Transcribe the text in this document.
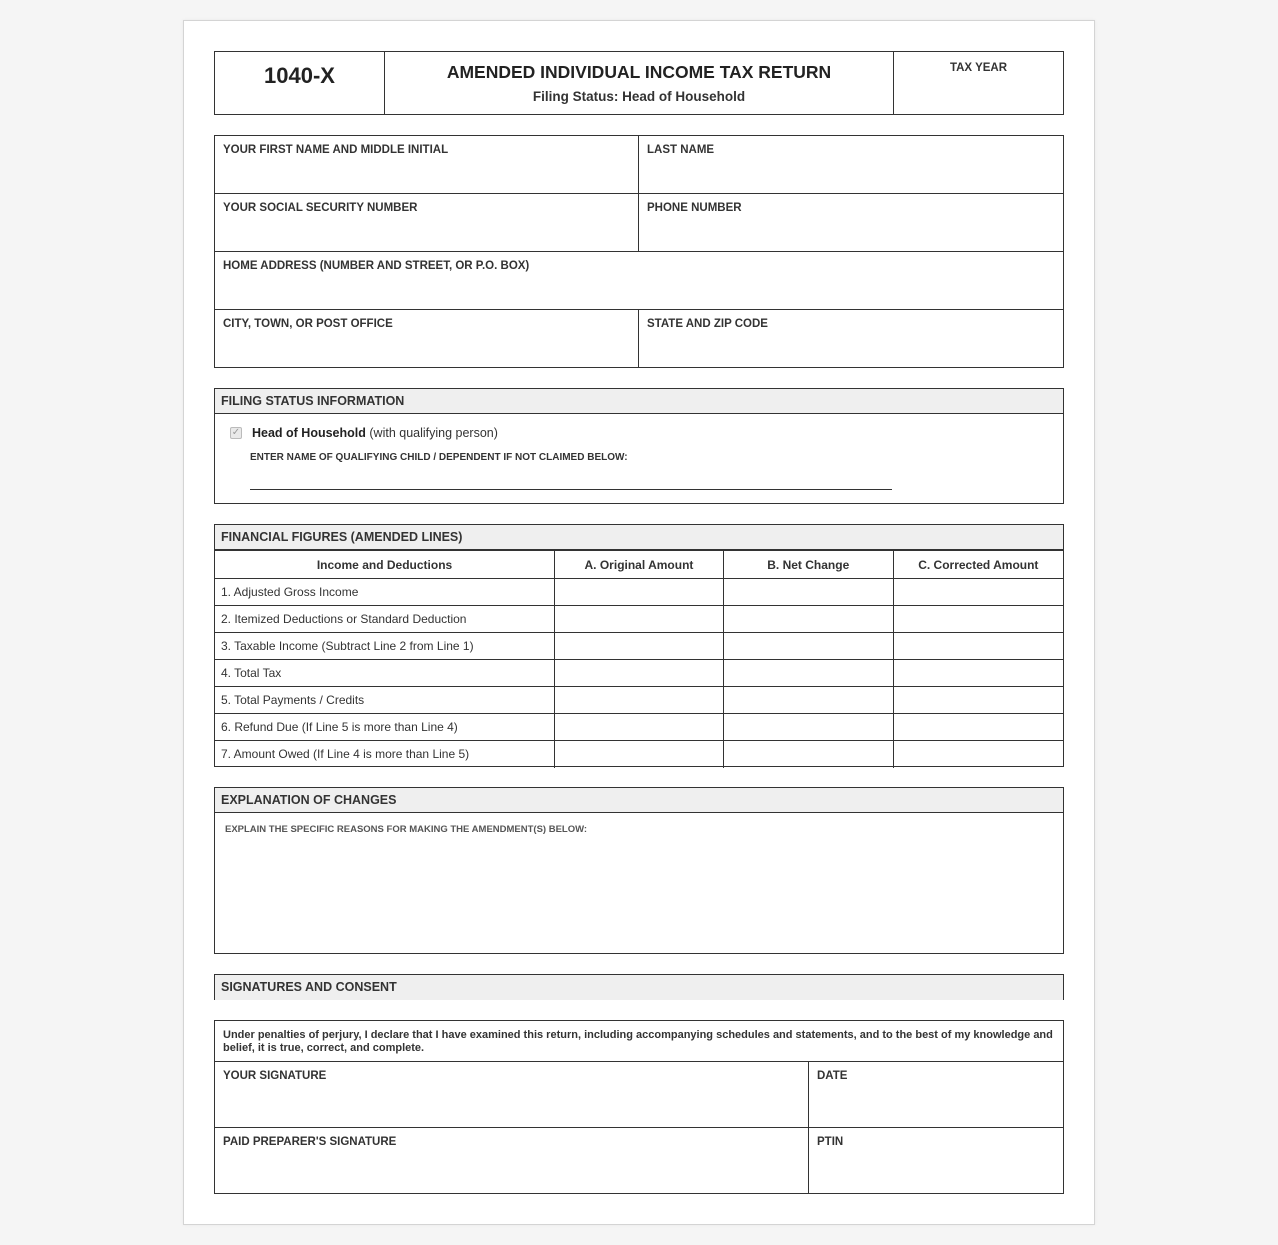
1040-X	AMENDED INDIVIDUAL INCOME TAX RETURN
Filing Status: Head of Household
TAX YEAR
YOUR FIRST NAME AND MIDDLE INITIAL	LAST NAME
YOUR SOCIAL SECURITY NUMBER	PHONE NUMBER
HOME ADDRESS (NUMBER AND STREET, OR P.O. BOX)
CITY, TOWN, OR POST OFFICE	STATE AND ZIP CODE
FILING STATUS INFORMATION
✓ Head of Household (with qualifying person)
ENTER NAME OF QUALIFYING CHILD / DEPENDENT IF NOT CLAIMED BELOW:
FINANCIAL FIGURES (AMENDED LINES)
Income and Deductions	A. Original Amount	B. Net Change	C. Corrected Amount
1. Adjusted Gross Income			
2. Itemized Deductions or Standard Deduction			
3. Taxable Income (Subtract Line 2 from Line 1)			
4. Total Tax			
5. Total Payments / Credits			
6. Refund Due (If Line 5 is more than Line 4)			
7. Amount Owed (If Line 4 is more than Line 5)			
EXPLANATION OF CHANGES
EXPLAIN THE SPECIFIC REASONS FOR MAKING THE AMENDMENT(S) BELOW:
SIGNATURES AND CONSENT
Under penalties of perjury, I declare that I have examined this return, including accompanying schedules and statements, and to the best of my knowledge and belief, it is true, correct, and complete.
YOUR SIGNATURE	DATE
PAID PREPARER'S SIGNATURE	PTIN
